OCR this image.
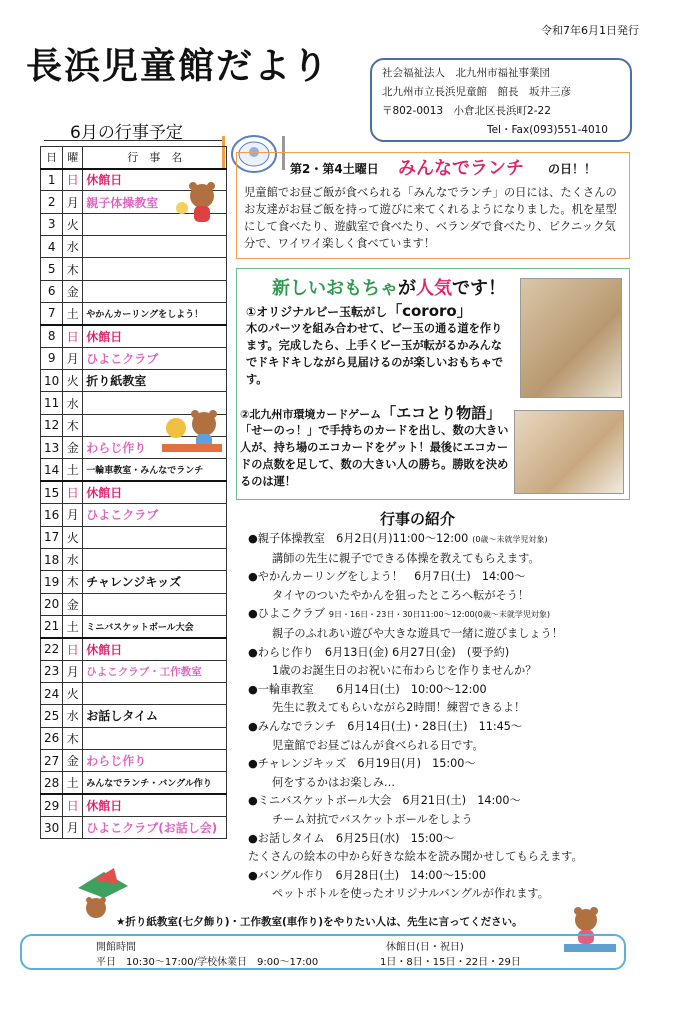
令和7年6月1日発行
長浜児童館だより	社会福祉法人　北九州市福祉事業団
北九州市立長浜児童館　館長　坂井三彦
〒802-0013　小倉北区長浜町2-22
Tel・Fax(093)551-4010
6月の行事予定
日	曜	行　事　名
1	日	休館日
2	月	親子体操教室
3	火	
4	水	
5	木	
6	金	
7	土	やかんカーリングをしよう！
8	日	休館日
9	月	ひよこクラブ
10	火	折り紙教室
11	水	
12	木	
13	金	わらじ作り
14	土	一輪車教室・みんなでランチ
15	日	休館日
16	月	ひよこクラブ
17	火	
18	水	
19	木	チャレンジキッズ
20	金	
21	土	ミニバスケットボール大会
22	日	休館日
23	月	ひよこクラブ・工作教室
24	火	
25	水	お話しタイム
26	木	
27	金	わらじ作り
28	土	みんなでランチ・バングル作り
29	日	休館日
30	月	ひよこクラブ(お話し会)
第2・第4土曜日 みんなでランチ の日！！
児童館でお昼ご飯が食べられる「みんなでランチ」の日には、たくさんのお友達がお昼ご飯を持って遊びに来てくれるようになりました。机を星型にして食べたり、遊戯室で食べたり、ベランダで食べたり、ピクニック気分で、ワイワイ楽しく食べています！
新しいおもちゃが人気です！
①オリジナルビー玉転がし「cororo」
木のパーツを組み合わせて、ビー玉の通る道を作ります。完成したら、上手くビー玉が転がるかみんなでドキドキしながら見届けるのが楽しいおもちゃです。
②北九州市環境カードゲーム「エコとり物語」
「せーのっ！」で手持ちのカードを出し、数の大きい人が、持ち場のエコカードをゲット！最後にエコカードの点数を足して、数の大きい人の勝ち。勝敗を決めるのは運！
行事の紹介
●親子体操教室　6月2日(月)11:00～12:00 (0歳～未就学児対象)
講師の先生に親子でできる体操を教えてもらえます。
●やかんカーリングをしよう！　6月7日(土)　14:00～
タイヤのついたやかんを狙ったところへ転がそう！
●ひよこクラブ 9日・16日・23日・30日11:00～12:00(0歳～未就学児対象)
親子のふれあい遊びや大きな遊具で一緒に遊びましょう！
●わらじ作り　6月13日(金) 6月27日(金)　(要予約)
1歳のお誕生日のお祝いに布わらじを作りませんか？
●一輪車教室　　6月14日(土)　10:00～12:00
先生に教えてもらいながら2時間！練習できるよ！
●みんなでランチ　6月14日(土)・28日(土)　11:45～
児童館でお昼ごはんが食べられる日です。
●チャレンジキッズ　6月19日(月)　15:00～
何をするかはお楽しみ…
●ミニバスケットボール大会　6月21日(土)　14:00～
チーム対抗でバスケットボールをしよう
●お話しタイム　6月25日(水)　15:00～
たくさんの絵本の中から好きな絵本を読み聞かせしてもらえます。
●バングル作り　6月28日(土)　14:00～15:00
ペットボトルを使ったオリジナルバングルが作れます。
★折り紙教室(七夕飾り)・工作教室(車作り)をやりたい人は、先生に言ってください。
開館時間
平日　10:30～17:00/学校休業日　9:00～17:00
休館日(日・祝日)
1日・8日・15日・22日・29日
